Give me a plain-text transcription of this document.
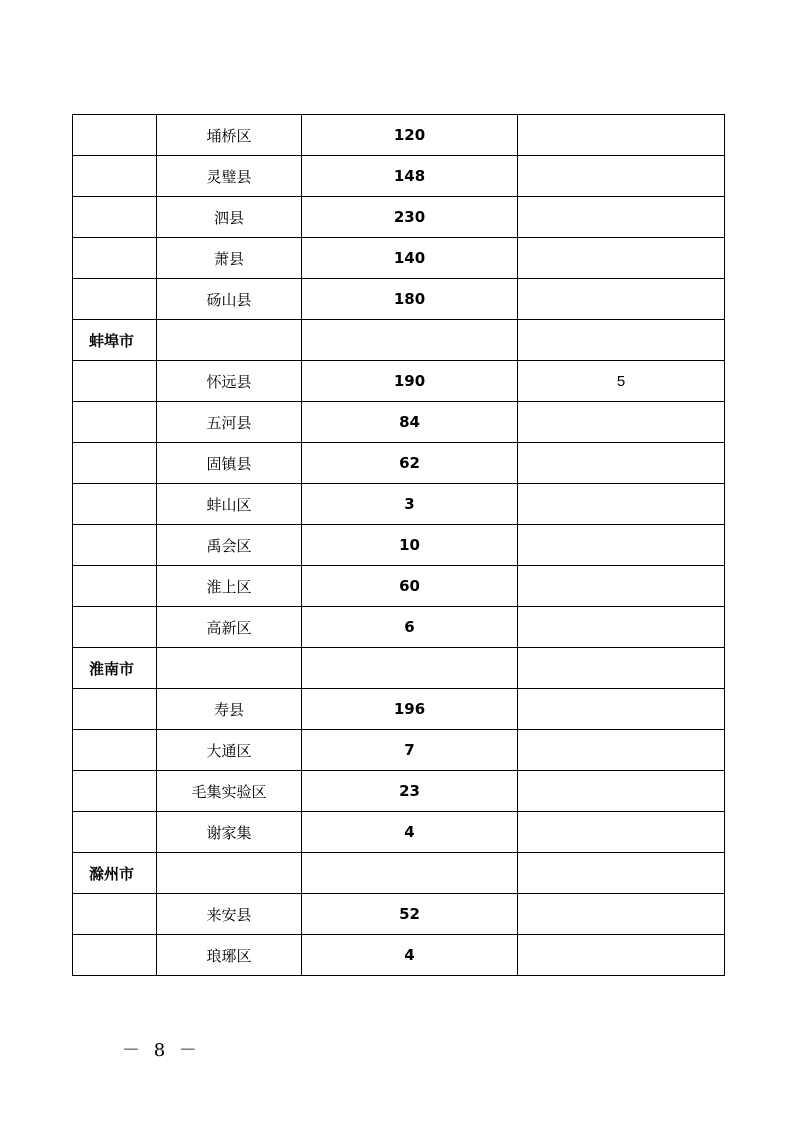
	埇桥区	120	
	灵璧县	148	
	泗县	230	
	萧县	140	
	砀山县	180	
蚌埠市			
	怀远县	190	5
	五河县	84	
	固镇县	62	
	蚌山区	3	
	禹会区	10	
	淮上区	60	
	高新区	6	
淮南市			
	寿县	196	
	大通区	7	
	毛集实验区	23	
	谢家集	4	
滁州市			
	来安县	52	
	琅琊区	4	
－ 8 －
